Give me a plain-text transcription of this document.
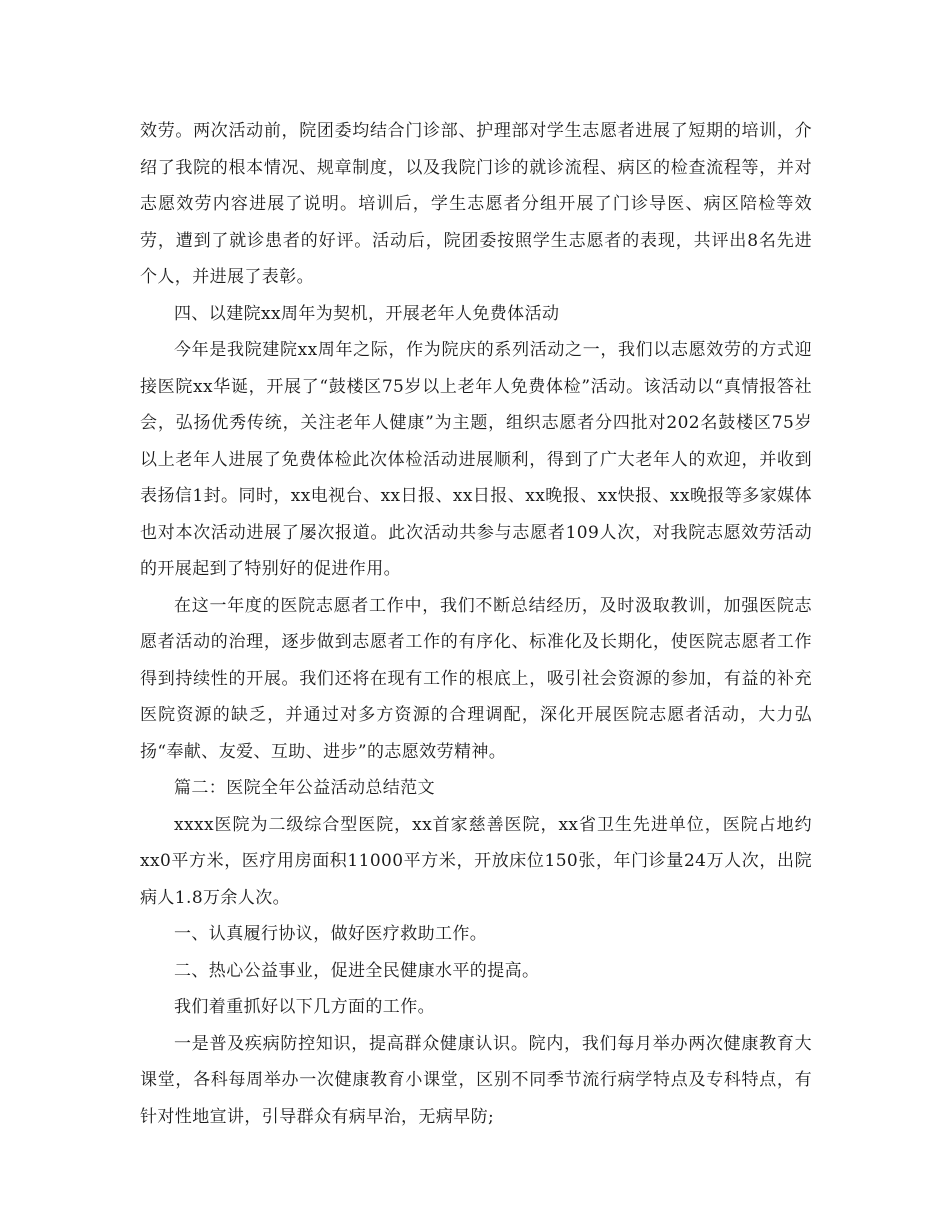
效劳。两次活动前，院团委均结合门诊部、护理部对学生志愿者进展了短期的培训，介绍了我院的根本情况、规章制度，以及我院门诊的就诊流程、病区的检查流程等，并对志愿效劳内容进展了说明。培训后，学生志愿者分组开展了门诊导医、病区陪检等效劳，遭到了就诊患者的好评。活动后，院团委按照学生志愿者的表现，共评出8名先进个人，并进展了表彰。

四、以建院xx周年为契机，开展老年人免费体活动

今年是我院建院xx周年之际，作为院庆的系列活动之一，我们以志愿效劳的方式迎接医院xx华诞，开展了“鼓楼区75岁以上老年人免费体检”活动。该活动以“真情报答社会，弘扬优秀传统，关注老年人健康”为主题，组织志愿者分四批对202名鼓楼区75岁以上老年人进展了免费体检此次体检活动进展顺利，得到了广大老年人的欢迎，并收到表扬信1封。同时，xx电视台、xx日报、xx日报、xx晚报、xx快报、xx晚报等多家媒体也对本次活动进展了屡次报道。此次活动共参与志愿者109人次，对我院志愿效劳活动的开展起到了特别好的促进作用。

在这一年度的医院志愿者工作中，我们不断总结经历，及时汲取教训，加强医院志愿者活动的治理，逐步做到志愿者工作的有序化、标准化及长期化，使医院志愿者工作得到持续性的开展。我们还将在现有工作的根底上，吸引社会资源的参加，有益的补充医院资源的缺乏，并通过对多方资源的合理调配，深化开展医院志愿者活动，大力弘扬“奉献、友爱、互助、进步”的志愿效劳精神。

篇二：医院全年公益活动总结范文

xxxx医院为二级综合型医院，xx首家慈善医院，xx省卫生先进单位，医院占地约xx0平方米，医疗用房面积11000平方米，开放床位150张，年门诊量24万人次，出院病人1.8万余人次。

一、认真履行协议，做好医疗救助工作。

二、热心公益事业，促进全民健康水平的提高。

我们着重抓好以下几方面的工作。

一是普及疾病防控知识，提高群众健康认识。院内，我们每月举办两次健康教育大课堂，各科每周举办一次健康教育小课堂，区别不同季节流行病学特点及专科特点，有针对性地宣讲，引导群众有病早治，无病早防;
